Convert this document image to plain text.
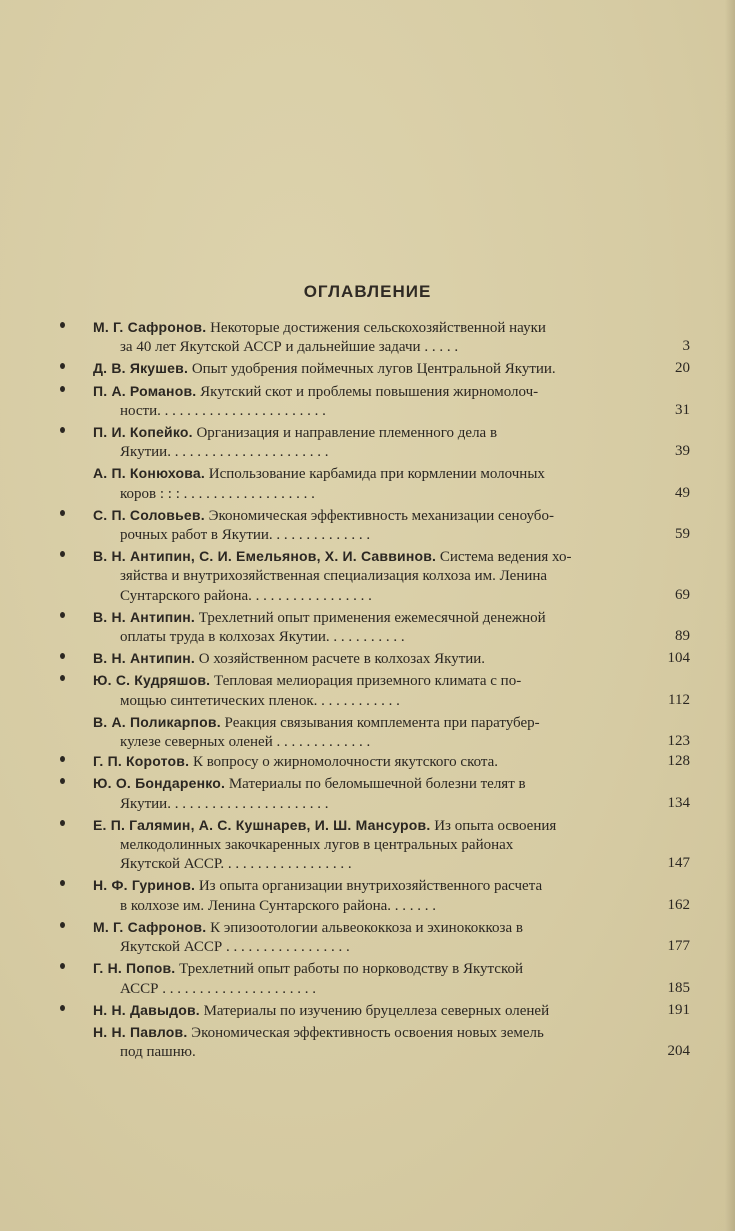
ОГЛАВЛЕНИЕ
М. Г. Сафронов. Некоторые достижения сельскохозяйственной науки
за 40 лет Якутской АССР и дальнейшие задачи . . . . .	3
Д. В. Якушев. Опыт удобрения поймечных лугов Центральной Якутии.	20
П. А. Романов. Якутский скот и проблемы повышения жирномолоч-
ности. . . . . . . . . . . . . . . . . . . . . . .	31
П. И. Копейко. Организация и направление племенного дела в
Якутии. . . . . . . . . . . . . . . . . . . . . .	39
А. П. Конюхова. Использование карбамида при кормлении молочных
коров : : : . . . . . . . . . . . . . . . . . .	49
С. П. Соловьев. Экономическая эффективность механизации сеноубо-
рочных работ в Якутии. . . . . . . . . . . . . .	59
В. Н. Антипин, С. И. Емельянов, Х. И. Саввинов. Система ведения хо-
зяйства и внутрихозяйственная специализация колхоза им. Ленина
Сунтарского района. . . . . . . . . . . . . . . . .	69
В. Н. Антипин. Трехлетний опыт применения ежемесячной денежной
оплаты труда в колхозах Якутии. . . . . . . . . . .	89
В. Н. Антипин. О хозяйственном расчете в колхозах Якутии.	104
Ю. С. Кудряшов. Тепловая мелиорация приземного климата с по-
мощью синтетических пленок. . . . . . . . . . . .	112
В. А. Поликарпов. Реакция связывания комплемента при паратубер-
кулезе северных оленей . . . . . . . . . . . . .	123
Г. П. Коротов. К вопросу о жирномолочности якутского скота.	128
Ю. О. Бондаренко. Материалы по беломышечной болезни телят в
Якутии. . . . . . . . . . . . . . . . . . . . . .	134
Е. П. Галямин, А. С. Кушнарев, И. Ш. Мансуров. Из опыта освоения
мелкодолинных закочкаренных лугов в центральных районах
Якутской АССР. . . . . . . . . . . . . . . . . .	147
Н. Ф. Гуринов. Из опыта организации внутрихозяйственного расчета
в колхозе им. Ленина Сунтарского района. . . . . . .	162
М. Г. Сафронов. К эпизоотологии альвеококкоза и эхинококкоза в
Якутской АССР . . . . . . . . . . . . . . . . .	177
Г. Н. Попов. Трехлетний опыт работы по норководству в Якутской
АССР . . . . . . . . . . . . . . . . . . . . .	185
Н. Н. Давыдов. Материалы по изучению бруцеллеза северных оленей	191
Н. Н. Павлов. Экономическая эффективность освоения новых земель
под пашню.	204
